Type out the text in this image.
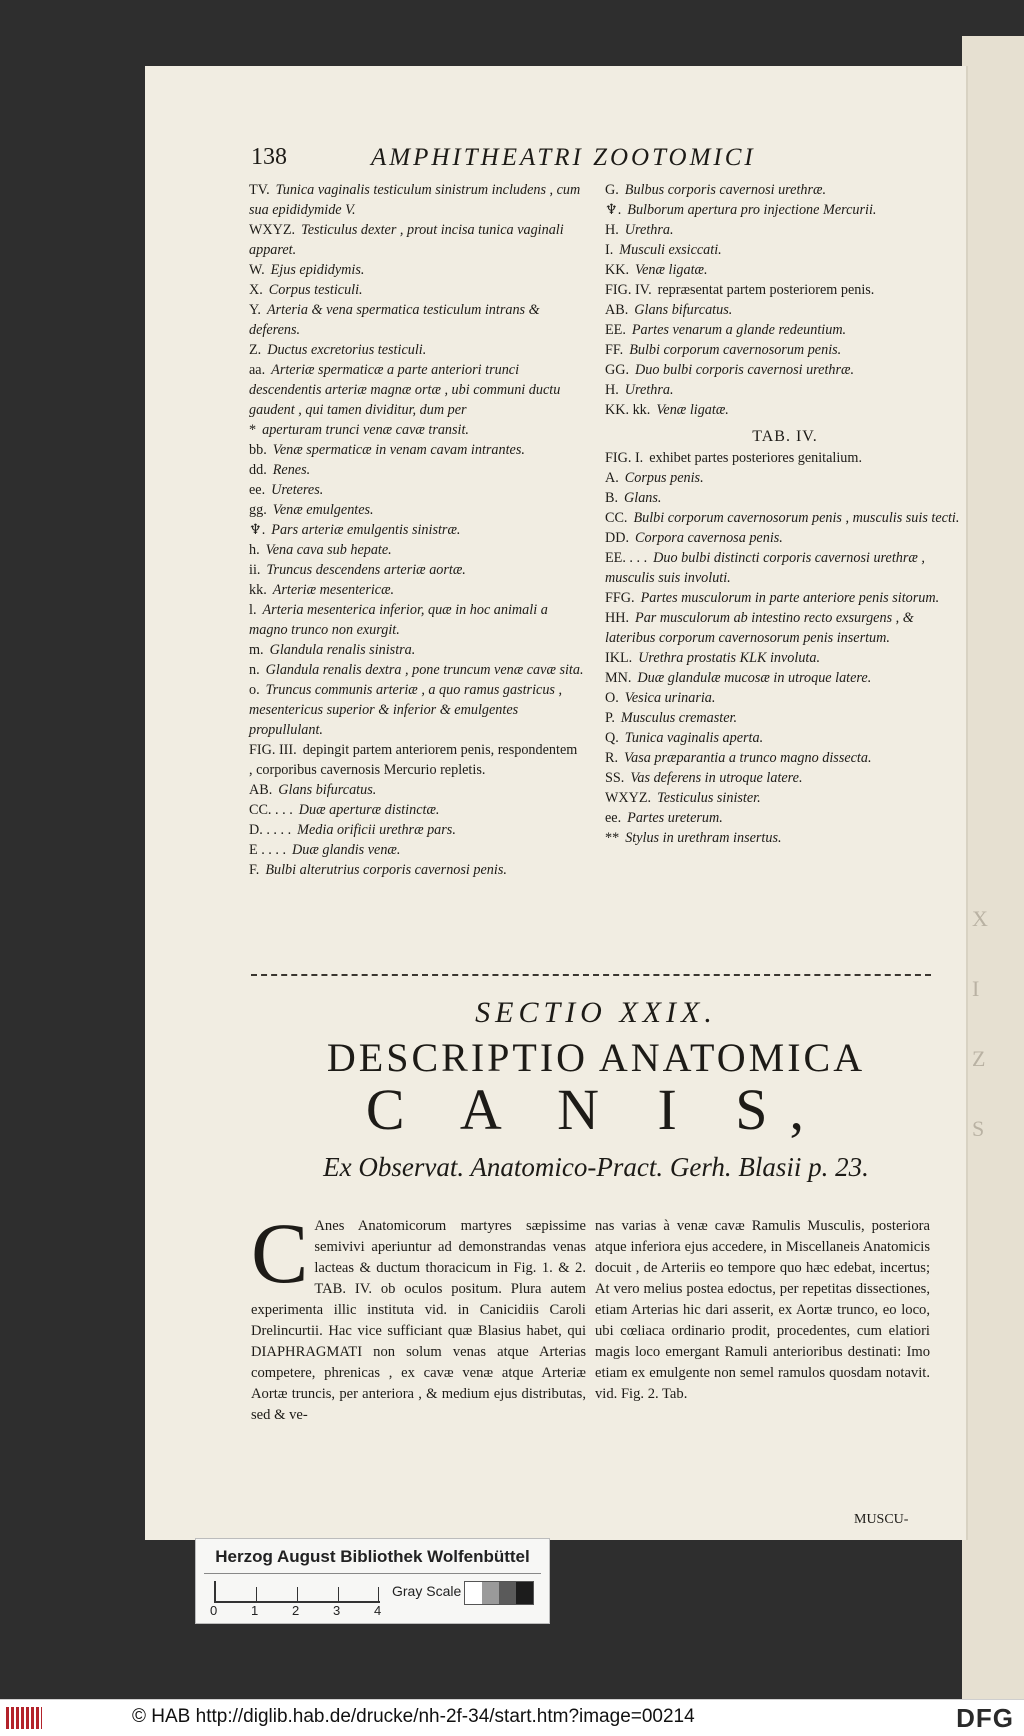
X
I
Z
S
138	AMPHITHEATRI ZOOTOMICI
TV. Tunica vaginalis testiculum sinistrum includens , cum sua epididymide V.
WXYZ. Testiculus dexter , prout incisa tunica vaginali apparet.
W. Ejus epididymis.
X. Corpus testiculi.
Y. Arteria & vena spermatica testiculum intrans & deferens.
Z. Ductus excretorius testiculi.
aa. Arteriæ spermaticæ a parte anteriori trunci descendentis arteriæ magnæ ortæ , ubi communi ductu gaudent , qui tamen dividitur, dum per
* aperturam trunci venæ cavæ transit.
bb. Venæ spermaticæ in venam cavam intrantes.
dd. Renes.
ee. Ureteres.
gg. Venæ emulgentes.
♆. Pars arteriæ emulgentis sinistræ.
h. Vena cava sub hepate.
ii. Truncus descendens arteriæ aortæ.
kk. Arteriæ mesentericæ.
l. Arteria mesenterica inferior, quæ in hoc animali a magno trunco non exurgit.
m. Glandula renalis sinistra.
n. Glandula renalis dextra , pone truncum venæ cavæ sita.
o. Truncus communis arteriæ , a quo ramus gastricus , mesentericus superior & inferior & emulgentes propullulant.
FIG. III. depingit partem anteriorem penis, respondentem , corporibus cavernosis Mercurio repletis.
AB. Glans bifurcatus.
CC. . . . Duæ aperturæ distinctæ.
D. . . . . Media orificii urethræ pars.
E . . . . Duæ glandis venæ.
F. Bulbi alterutrius corporis cavernosi penis.
G. Bulbus corporis cavernosi urethræ.
♆. Bulborum apertura pro injectione Mercurii.
H. Urethra.
I. Musculi exsiccati.
KK. Venæ ligatæ.
FIG. IV. repræsentat partem posteriorem penis.
AB. Glans bifurcatus.
EE. Partes venarum a glande redeuntium.
FF. Bulbi corporum cavernosorum penis.
GG. Duo bulbi corporis cavernosi urethræ.
H. Urethra.
KK. kk. Venæ ligatæ.
TAB. IV.
FIG. I. exhibet partes posteriores genitalium.
A. Corpus penis.
B. Glans.
CC. Bulbi corporum cavernosorum penis , musculis suis tecti.
DD. Corpora cavernosa penis.
EE. . . . Duo bulbi distincti corporis cavernosi urethræ , musculis suis involuti.
FFG. Partes musculorum in parte anteriore penis sitorum.
HH. Par musculorum ab intestino recto exsurgens , & lateribus corporum cavernosorum penis insertum.
IKL. Urethra prostatis KLK involuta.
MN. Duæ glandulæ mucosæ in utroque latere.
O. Vesica urinaria.
P. Musculus cremaster.
Q. Tunica vaginalis aperta.
R. Vasa præparantia a trunco magno dissecta.
SS. Vas deferens in utroque latere.
WXYZ. Testiculus sinister.
ee. Partes ureterum.
** Stylus in urethram insertus.
SECTIO XXIX.
DESCRIPTIO ANATOMICA
C A N I S,
Ex Observat. Anatomico-Pract. Gerh. Blasii p. 23.
C Anes Anatomicorum martyres sæpissime semivivi aperiuntur ad demonstrandas venas lacteas & ductum thoracicum in Fig. 1. & 2. TAB. IV. ob oculos positum. Plura autem experimenta illic instituta vid. in Canicidiis Caroli Drelincurtii. Hac vice sufficiant quæ Blasius habet, qui DIAPHRAGMATI non solum venas atque Arterias competere, phrenicas , ex cavæ venæ atque Arteriæ Aortæ truncis, per anteriora , & medium ejus distributas, sed & ve-
nas varias à venæ cavæ Ramulis Musculis, posteriora atque inferiora ejus accedere, in Miscellaneis Anatomicis docuit , de Arteriis eo tempore quo hæc edebat, incertus; At vero melius postea edoctus, per repetitas dissectiones, etiam Arterias hic dari asserit, ex Aortæ trunco, eo loco, ubi cœliaca ordinario prodit, procedentes, cum elatiori magis loco emergant Ramuli anterioribus destinati: Imo etiam ex emulgente non semel ramulos quosdam notavit. vid. Fig. 2. Tab.
MUSCU-
Herzog August Bibliothek Wolfenbüttel
0	1	2	3	4
Gray Scale
© HAB http://diglib.hab.de/drucke/nh-2f-34/start.htm?image=00214	DFG
